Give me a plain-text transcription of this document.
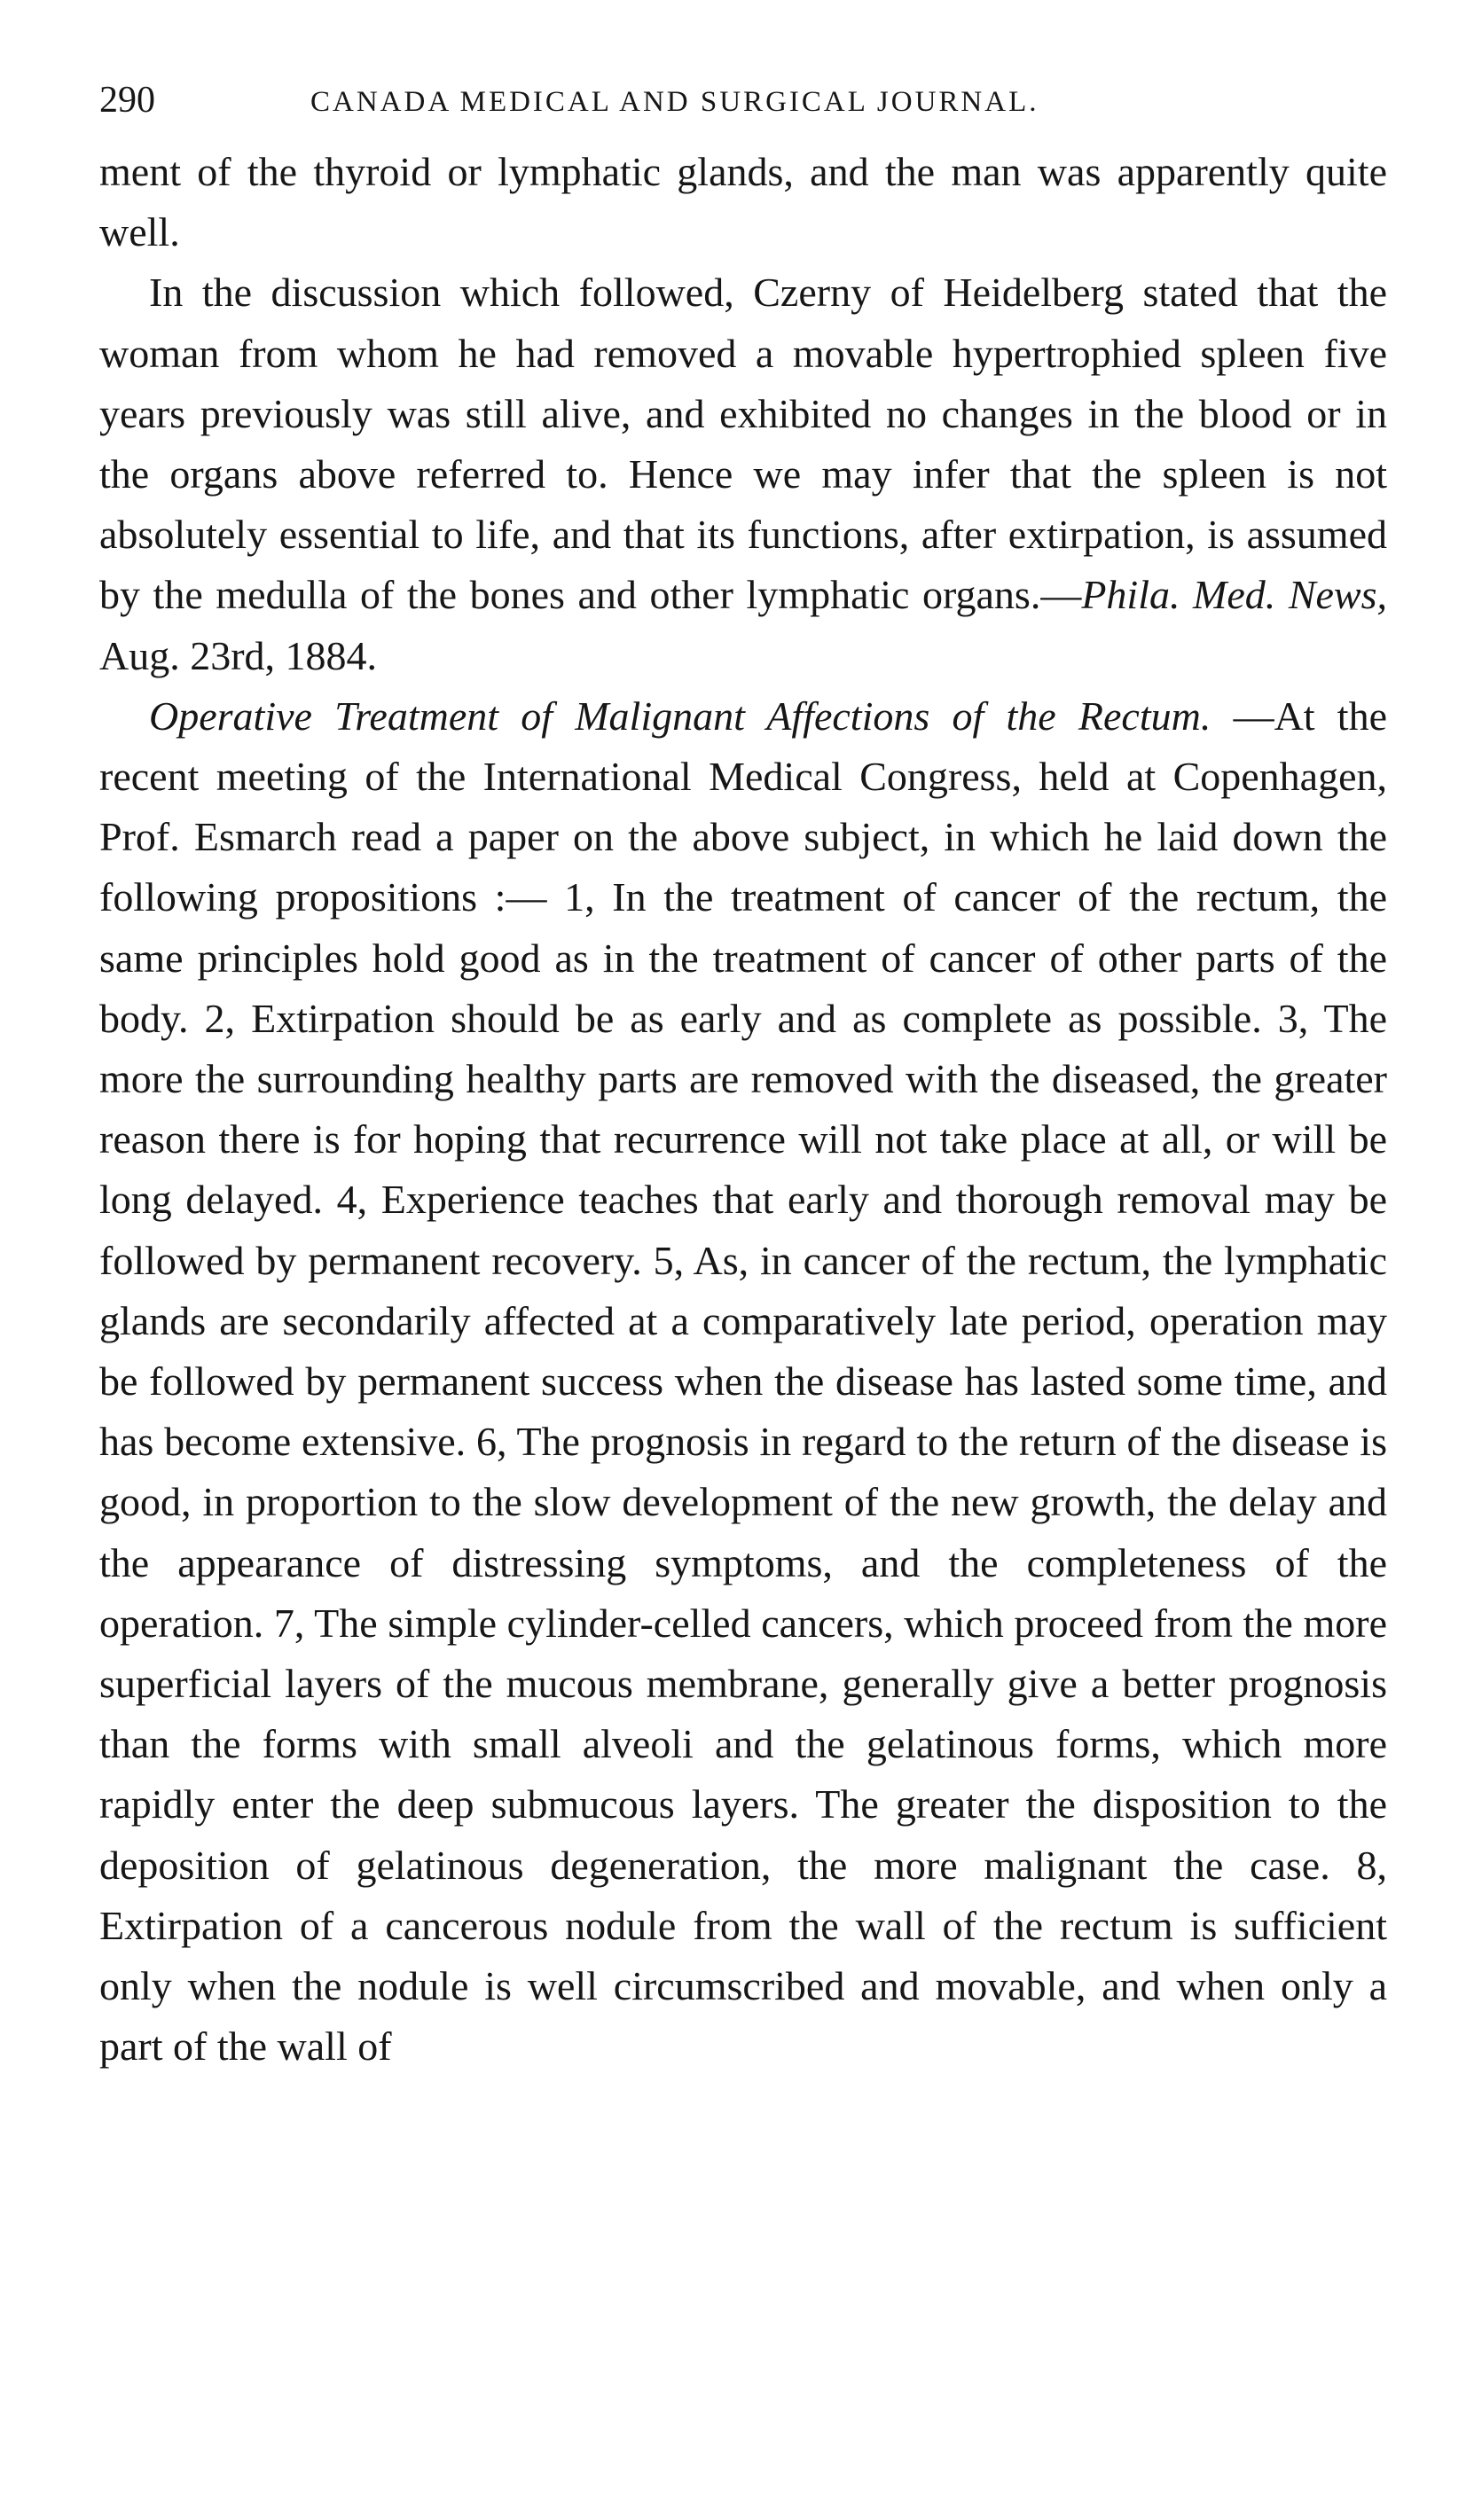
290	CANADA MEDICAL AND SURGICAL JOURNAL.

ment of the thyroid or lymphatic glands, and the man was apparently quite well.

In the discussion which followed, Czerny of Heidelberg stated that the woman from whom he had removed a movable hypertrophied spleen five years previously was still alive, and exhibited no changes in the blood or in the organs above referred to. Hence we may infer that the spleen is not absolutely essential to life, and that its functions, after extirpation, is assumed by the medulla of the bones and other lymphatic organs.—Phila. Med. News, Aug. 23rd, 1884.

Operative Treatment of Malignant Affections of the Rectum. —At the recent meeting of the International Medical Congress, held at Copenhagen, Prof. Esmarch read a paper on the above subject, in which he laid down the following propositions :— 1, In the treatment of cancer of the rectum, the same principles hold good as in the treatment of cancer of other parts of the body. 2, Extirpation should be as early and as complete as possible. 3, The more the surrounding healthy parts are removed with the diseased, the greater reason there is for hoping that recurrence will not take place at all, or will be long delayed. 4, Experience teaches that early and thorough removal may be followed by permanent recovery. 5, As, in cancer of the rectum, the lymphatic glands are secondarily affected at a comparatively late period, operation may be followed by permanent success when the disease has lasted some time, and has become extensive. 6, The prognosis in regard to the return of the disease is good, in proportion to the slow development of the new growth, the delay and the appearance of distressing symptoms, and the completeness of the operation. 7, The simple cylinder-celled cancers, which proceed from the more superficial layers of the mucous membrane, generally give a better prognosis than the forms with small alveoli and the gelatinous forms, which more rapidly enter the deep submucous layers. The greater the disposition to the deposition of gelatinous degeneration, the more malignant the case. 8, Extirpation of a cancerous nodule from the wall of the rectum is sufficient only when the nodule is well circumscribed and movable, and when only a part of the wall of
